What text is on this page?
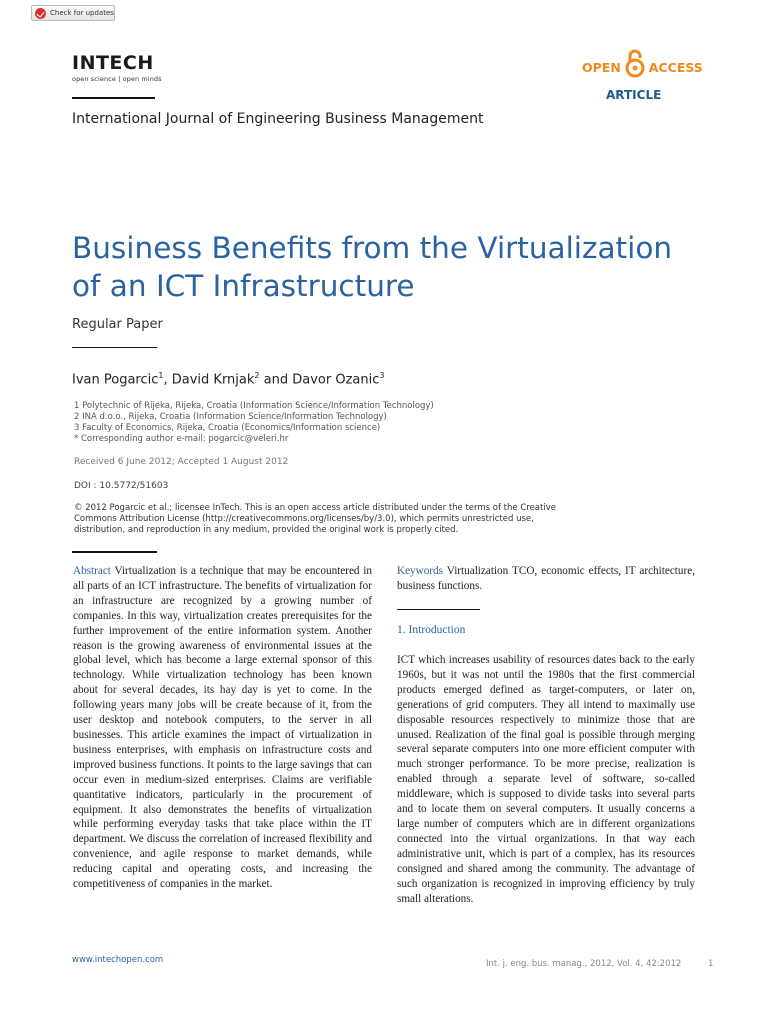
Check for updates
INTECH
open science | open minds
OPEN ACCESS
ARTICLE
International Journal of Engineering Business Management
Business Benefits from the Virtualization
of an ICT Infrastructure
Regular Paper
Ivan Pogarcic$^1$, David Krnjak$^2$ and Davor Ozanic$^3$
1 Polytechnic of Rijeka, Rijeka, Croatia (Information Science/Information Technology)
2 INA d.o.o., Rijeka, Croatia (Information Science/Information Technology)
3 Faculty of Economics, Rijeka, Croatia (Economics/Information science)
* Corresponding author e-mail: pogarcic@veleri.hr
Received 6 June 2012; Accepted 1 August 2012
DOI : 10.5772/51603
© 2012 Pogarcic et al.; licensee InTech. This is an open access article distributed under the terms of the Creative Commons Attribution License (http://creativecommons.org/licenses/by/3.0), which permits unrestricted use, distribution, and reproduction in any medium, provided the original work is properly cited.
Abstract Virtualization is a technique that may be encountered in all parts of an ICT infrastructure. The benefits of virtualization for an infrastructure are recognized by a growing number of companies. In this way, virtualization creates prerequisites for the further improvement of the entire information system. Another reason is the growing awareness of environmental issues at the global level, which has become a large external sponsor of this technology. While virtualization technology has been known about for several decades, its hay day is yet to come. In the following years many jobs will be create because of it, from the user desktop and notebook computers, to the server in all businesses. This article examines the impact of virtualization in business enterprises, with emphasis on infrastructure costs and improved business functions. It points to the large savings that can occur even in medium-sized enterprises. Claims are verifiable quantitative indicators, particularly in the procurement of equipment. It also demonstrates the benefits of virtualization while performing everyday tasks that take place within the IT department. We discuss the correlation of increased flexibility and convenience, and agile response to market demands, while reducing capital and operating costs, and increasing the competitiveness of companies in the market.
Keywords Virtualization TCO, economic effects, IT architecture, business functions.
1. Introduction
ICT which increases usability of resources dates back to the early 1960s, but it was not until the 1980s that the first commercial products emerged defined as target-computers, or later on, generations of grid computers. They all intend to maximally use disposable resources respectively to minimize those that are unused. Realization of the final goal is possible through merging several separate computers into one more efficient computer with much stronger performance. To be more precise, realization is enabled through a separate level of software, so-called middleware, which is supposed to divide tasks into several parts and to locate them on several computers. It usually concerns a large number of computers which are in different organizations connected into the virtual organizations. In that way each administrative unit, which is part of a complex, has its resources consigned and shared among the community. The advantage of such organization is recognized in improving efficiency by truly small alterations.
www.intechopen.com	Int. j. eng. bus. manag., 2012, Vol. 4, 42:2012	1
